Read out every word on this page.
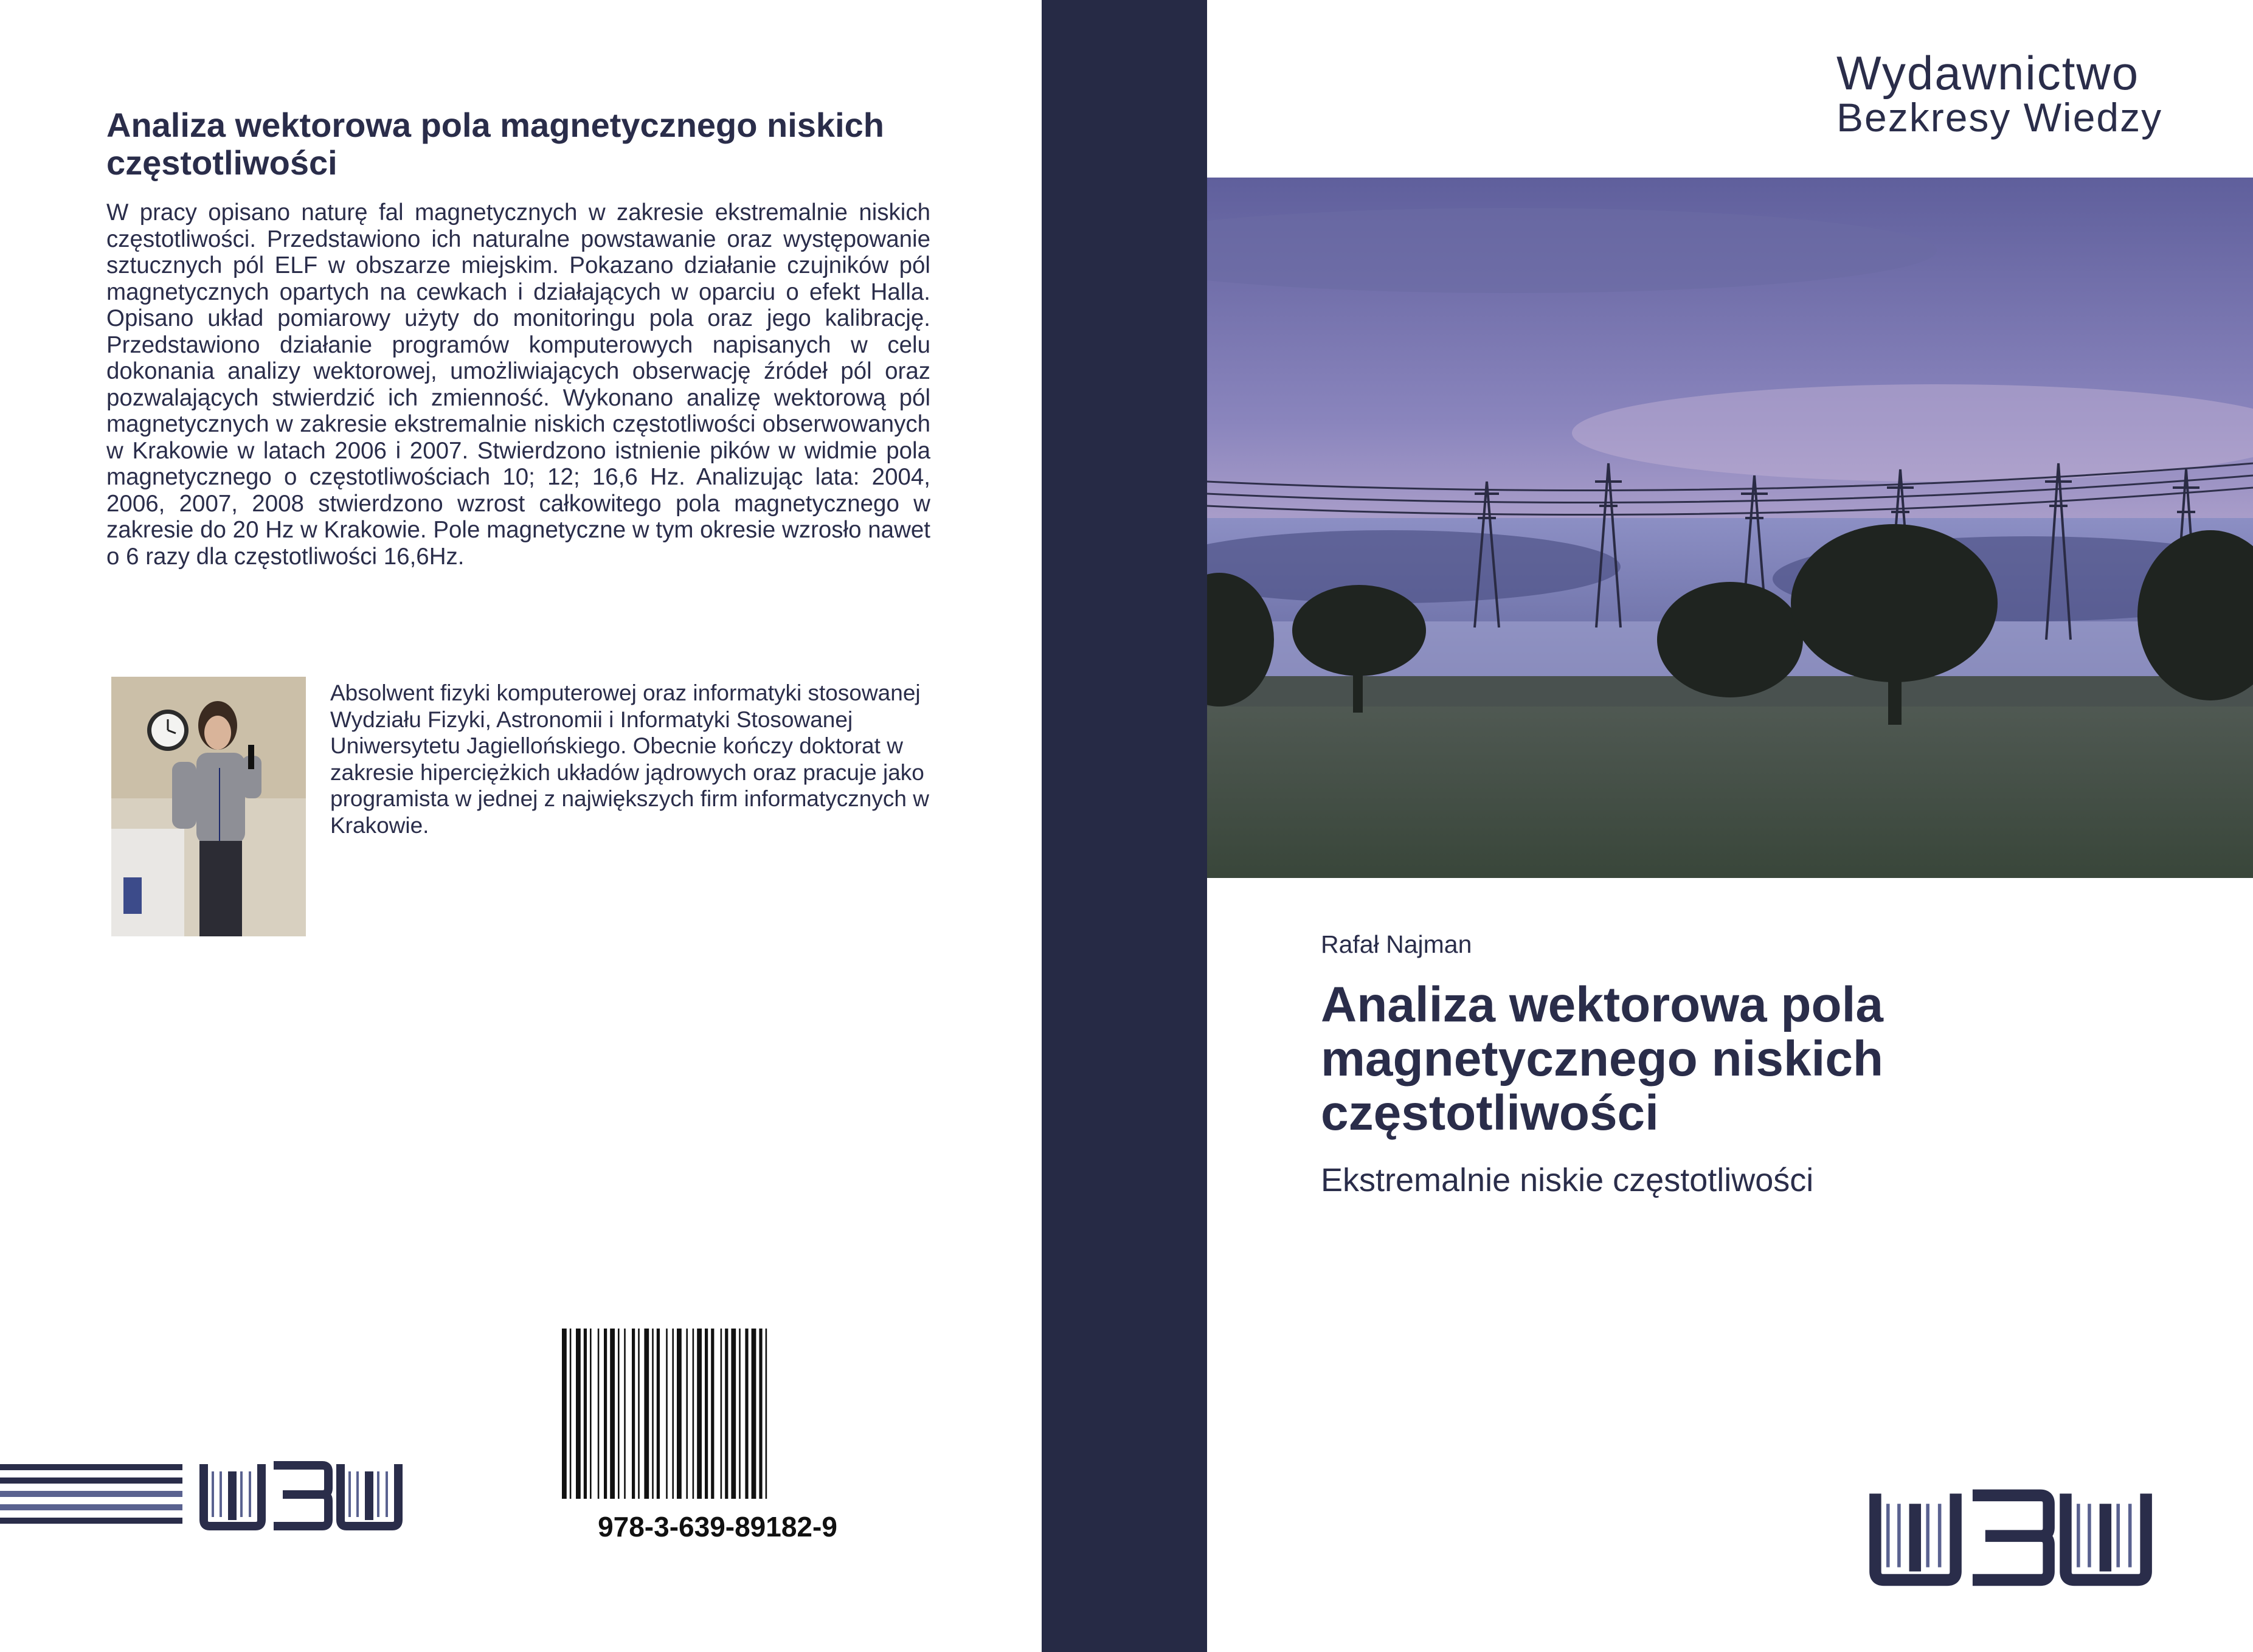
Analiza wektorowa pola magnetycznego niskich częstotliwości
W pracy opisano naturę fal magnetycznych w zakresie ekstremalnie niskich częstotliwości. Przedstawiono ich naturalne powstawanie oraz występowanie sztucznych pól ELF w obszarze miejskim. Pokazano działanie czujników pól magnetycznych opartych na cewkach i działających w oparciu o efekt Halla. Opisano układ pomiarowy użyty do monitoringu pola oraz jego kalibrację. Przedstawiono działanie programów komputerowych napisanych w celu dokonania analizy wektorowej, umożliwiających obserwację źródeł pól oraz pozwalających stwierdzić ich zmienność. Wykonano analizę wektorową pól magnetycznych w zakresie ekstremalnie niskich częstotliwości obserwowanych w Krakowie w latach 2006 i 2007. Stwierdzono istnienie pików w widmie pola magnetycznego o częstotliwościach 10; 12; 16,6 Hz. Analizując lata: 2004, 2006, 2007, 2008 stwierdzono wzrost całkowitego pola magnetycznego w zakresie do 20 Hz w Krakowie. Pole magnetyczne w tym okresie wzrosło nawet o 6 razy dla częstotliwości 16,6Hz.
Absolwent fizyki komputerowej oraz informatyki stosowanej Wydziału Fizyki, Astronomii i Informatyki Stosowanej Uniwersytetu Jagiellońskiego. Obecnie kończy doktorat w zakresie hiperciężkich układów jądrowych oraz pracuje jako programista w jednej z największych firm informatycznych w Krakowie.
978-3-639-89182-9
Wydawnictwo
Bezkresy Wiedzy
Rafał Najman
Analiza wektorowa pola magnetycznego niskich częstotliwości
Ekstremalnie niskie częstotliwości
